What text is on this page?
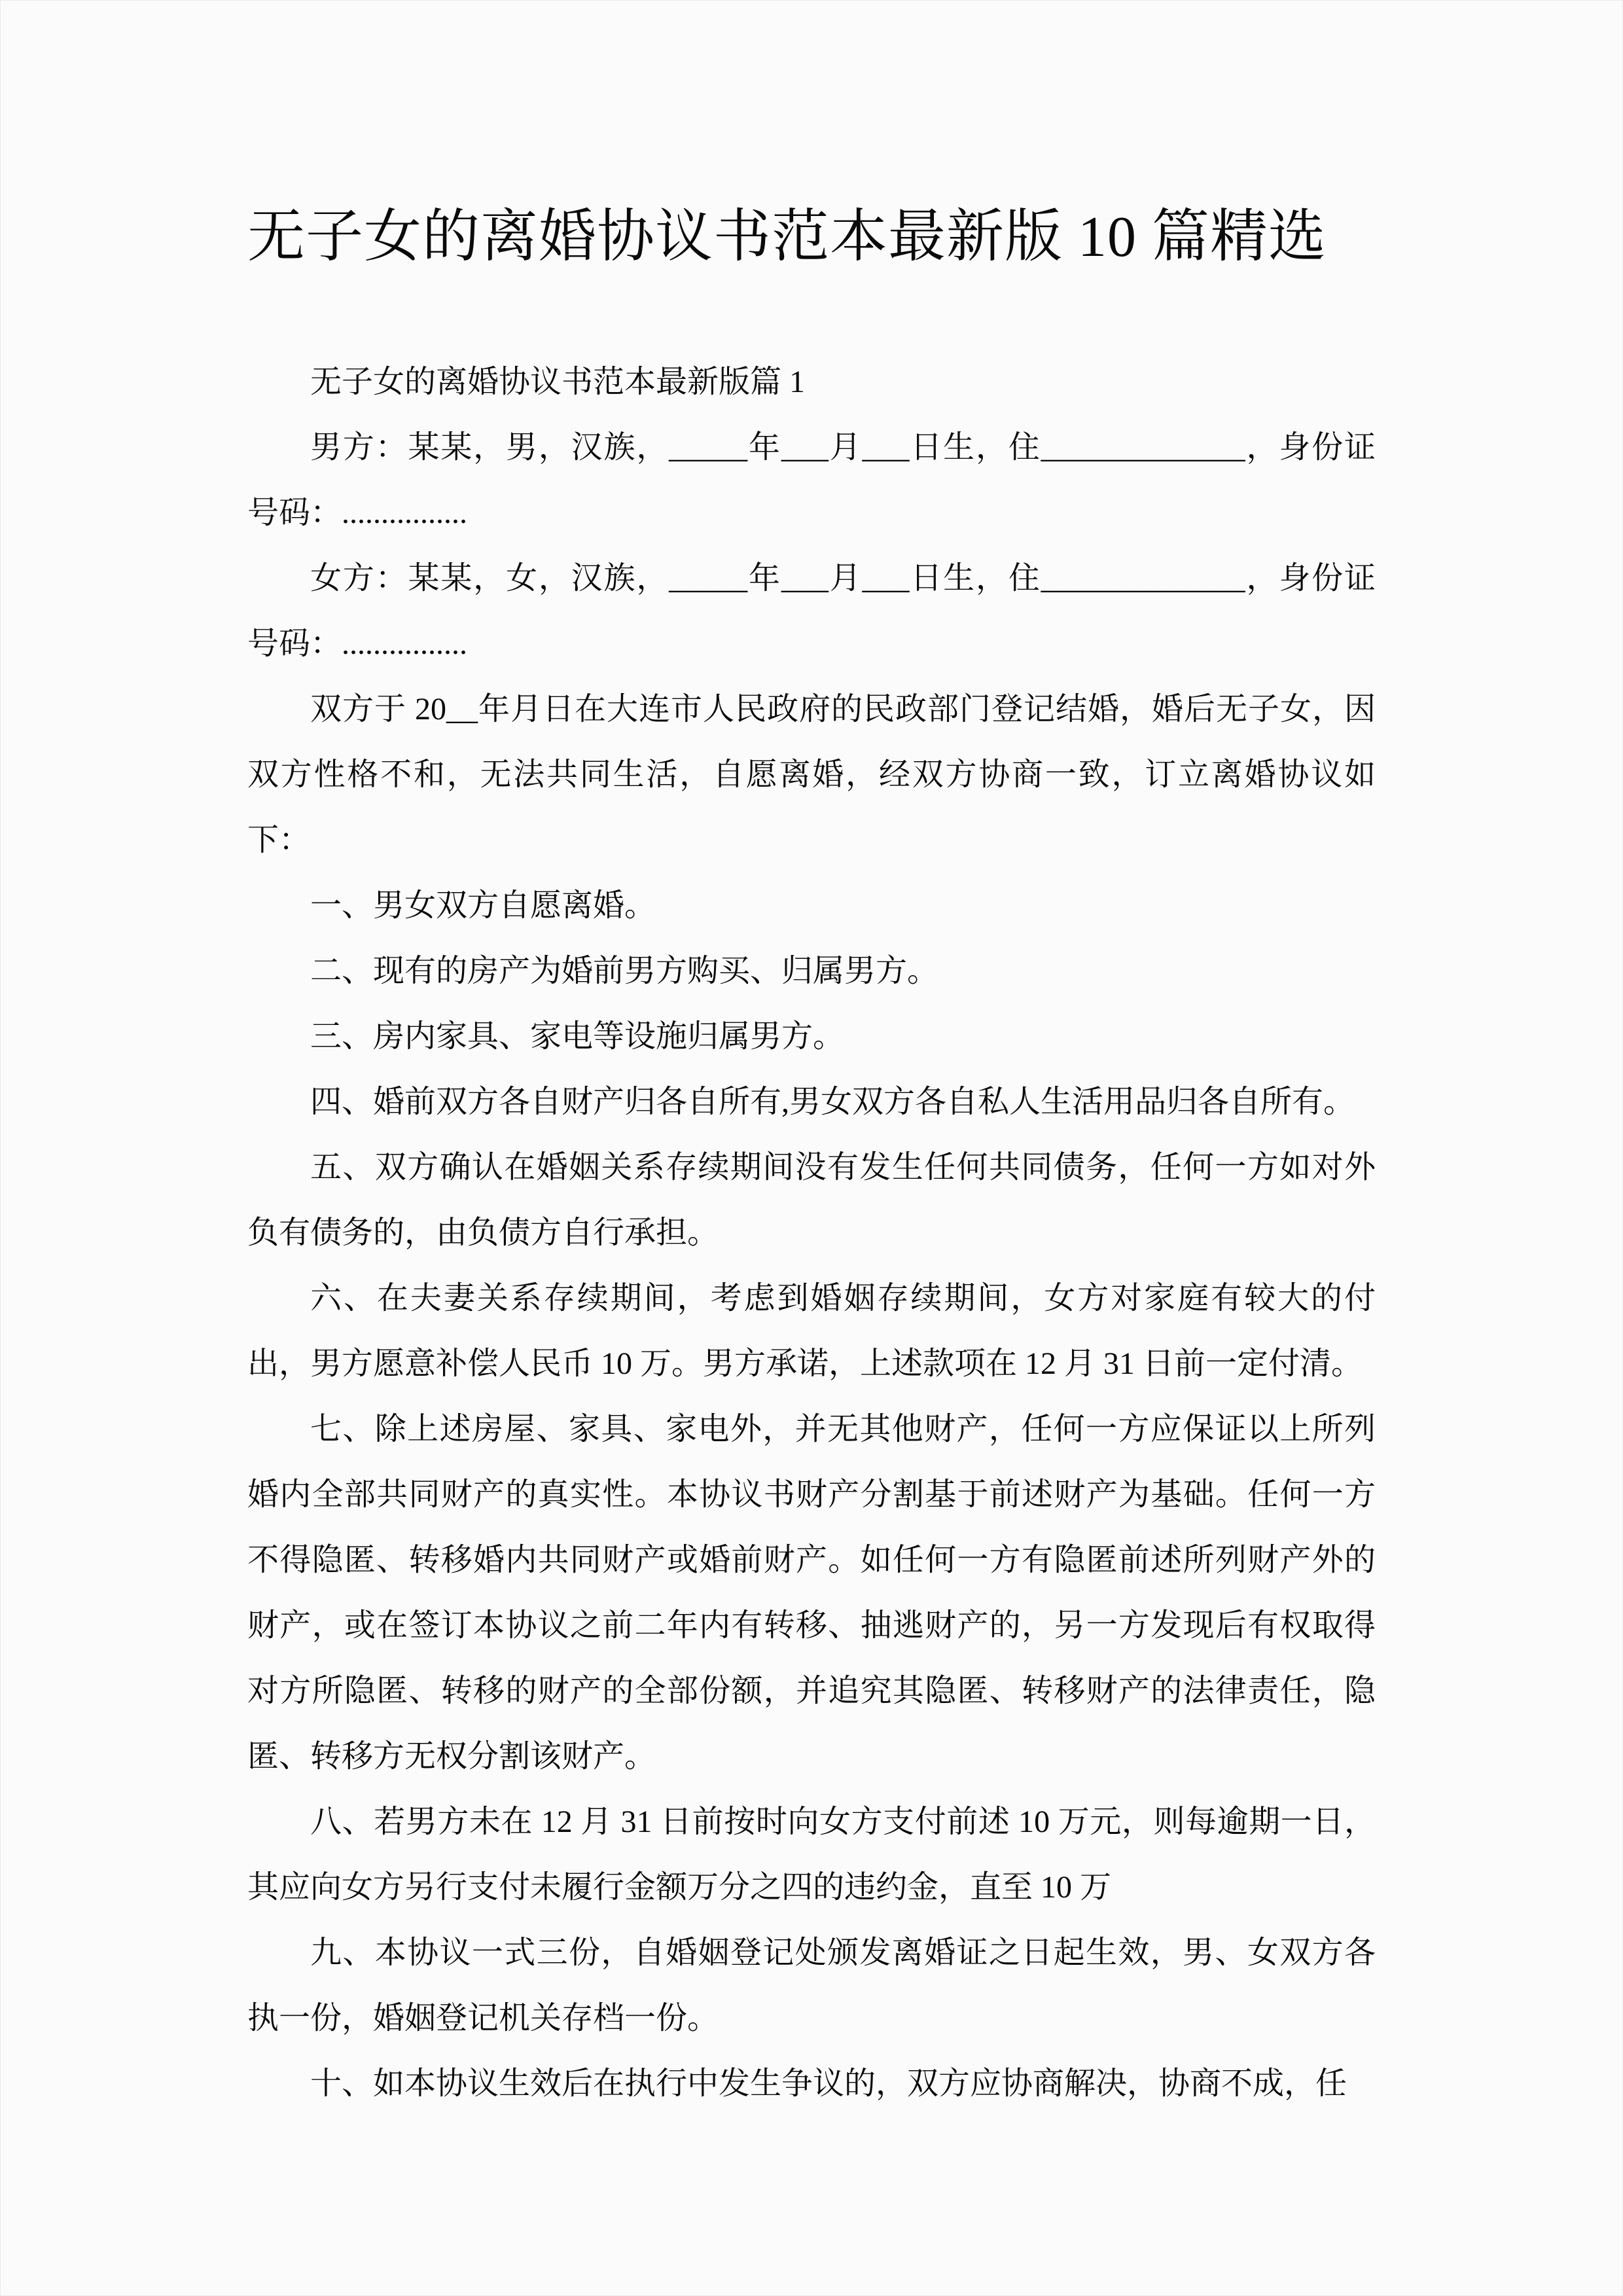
无子女的离婚协议书范本最新版 10 篇精选

无子女的离婚协议书范本最新版篇 1

男方：某某，男，汉族，_____年___月___日生，住_____________，身份证号码：................

女方：某某，女，汉族，_____年___月___日生，住_____________，身份证号码：................

双方于 20__年月日在大连市人民政府的民政部门登记结婚，婚后无子女，因双方性格不和，无法共同生活，自愿离婚，经双方协商一致，订立离婚协议如下：

一、男女双方自愿离婚。

二、现有的房产为婚前男方购买、归属男方。

三、房内家具、家电等设施归属男方。

四、婚前双方各自财产归各自所有,男女双方各自私人生活用品归各自所有。

五、双方确认在婚姻关系存续期间没有发生任何共同债务，任何一方如对外负有债务的，由负债方自行承担。

六、在夫妻关系存续期间，考虑到婚姻存续期间，女方对家庭有较大的付出，男方愿意补偿人民币 10 万。男方承诺，上述款项在 12 月 31 日前一定付清。

七、除上述房屋、家具、家电外，并无其他财产，任何一方应保证以上所列婚内全部共同财产的真实性。本协议书财产分割基于前述财产为基础。任何一方不得隐匿、转移婚内共同财产或婚前财产。如任何一方有隐匿前述所列财产外的财产，或在签订本协议之前二年内有转移、抽逃财产的，另一方发现后有权取得对方所隐匿、转移的财产的全部份额，并追究其隐匿、转移财产的法律责任，隐匿、转移方无权分割该财产。

八、若男方未在 12 月 31 日前按时向女方支付前述 10 万元，则每逾期一日，其应向女方另行支付未履行金额万分之四的违约金，直至 10 万

九、本协议一式三份，自婚姻登记处颁发离婚证之日起生效，男、女双方各执一份，婚姻登记机关存档一份。

十、如本协议生效后在执行中发生争议的，双方应协商解决，协商不成，任
